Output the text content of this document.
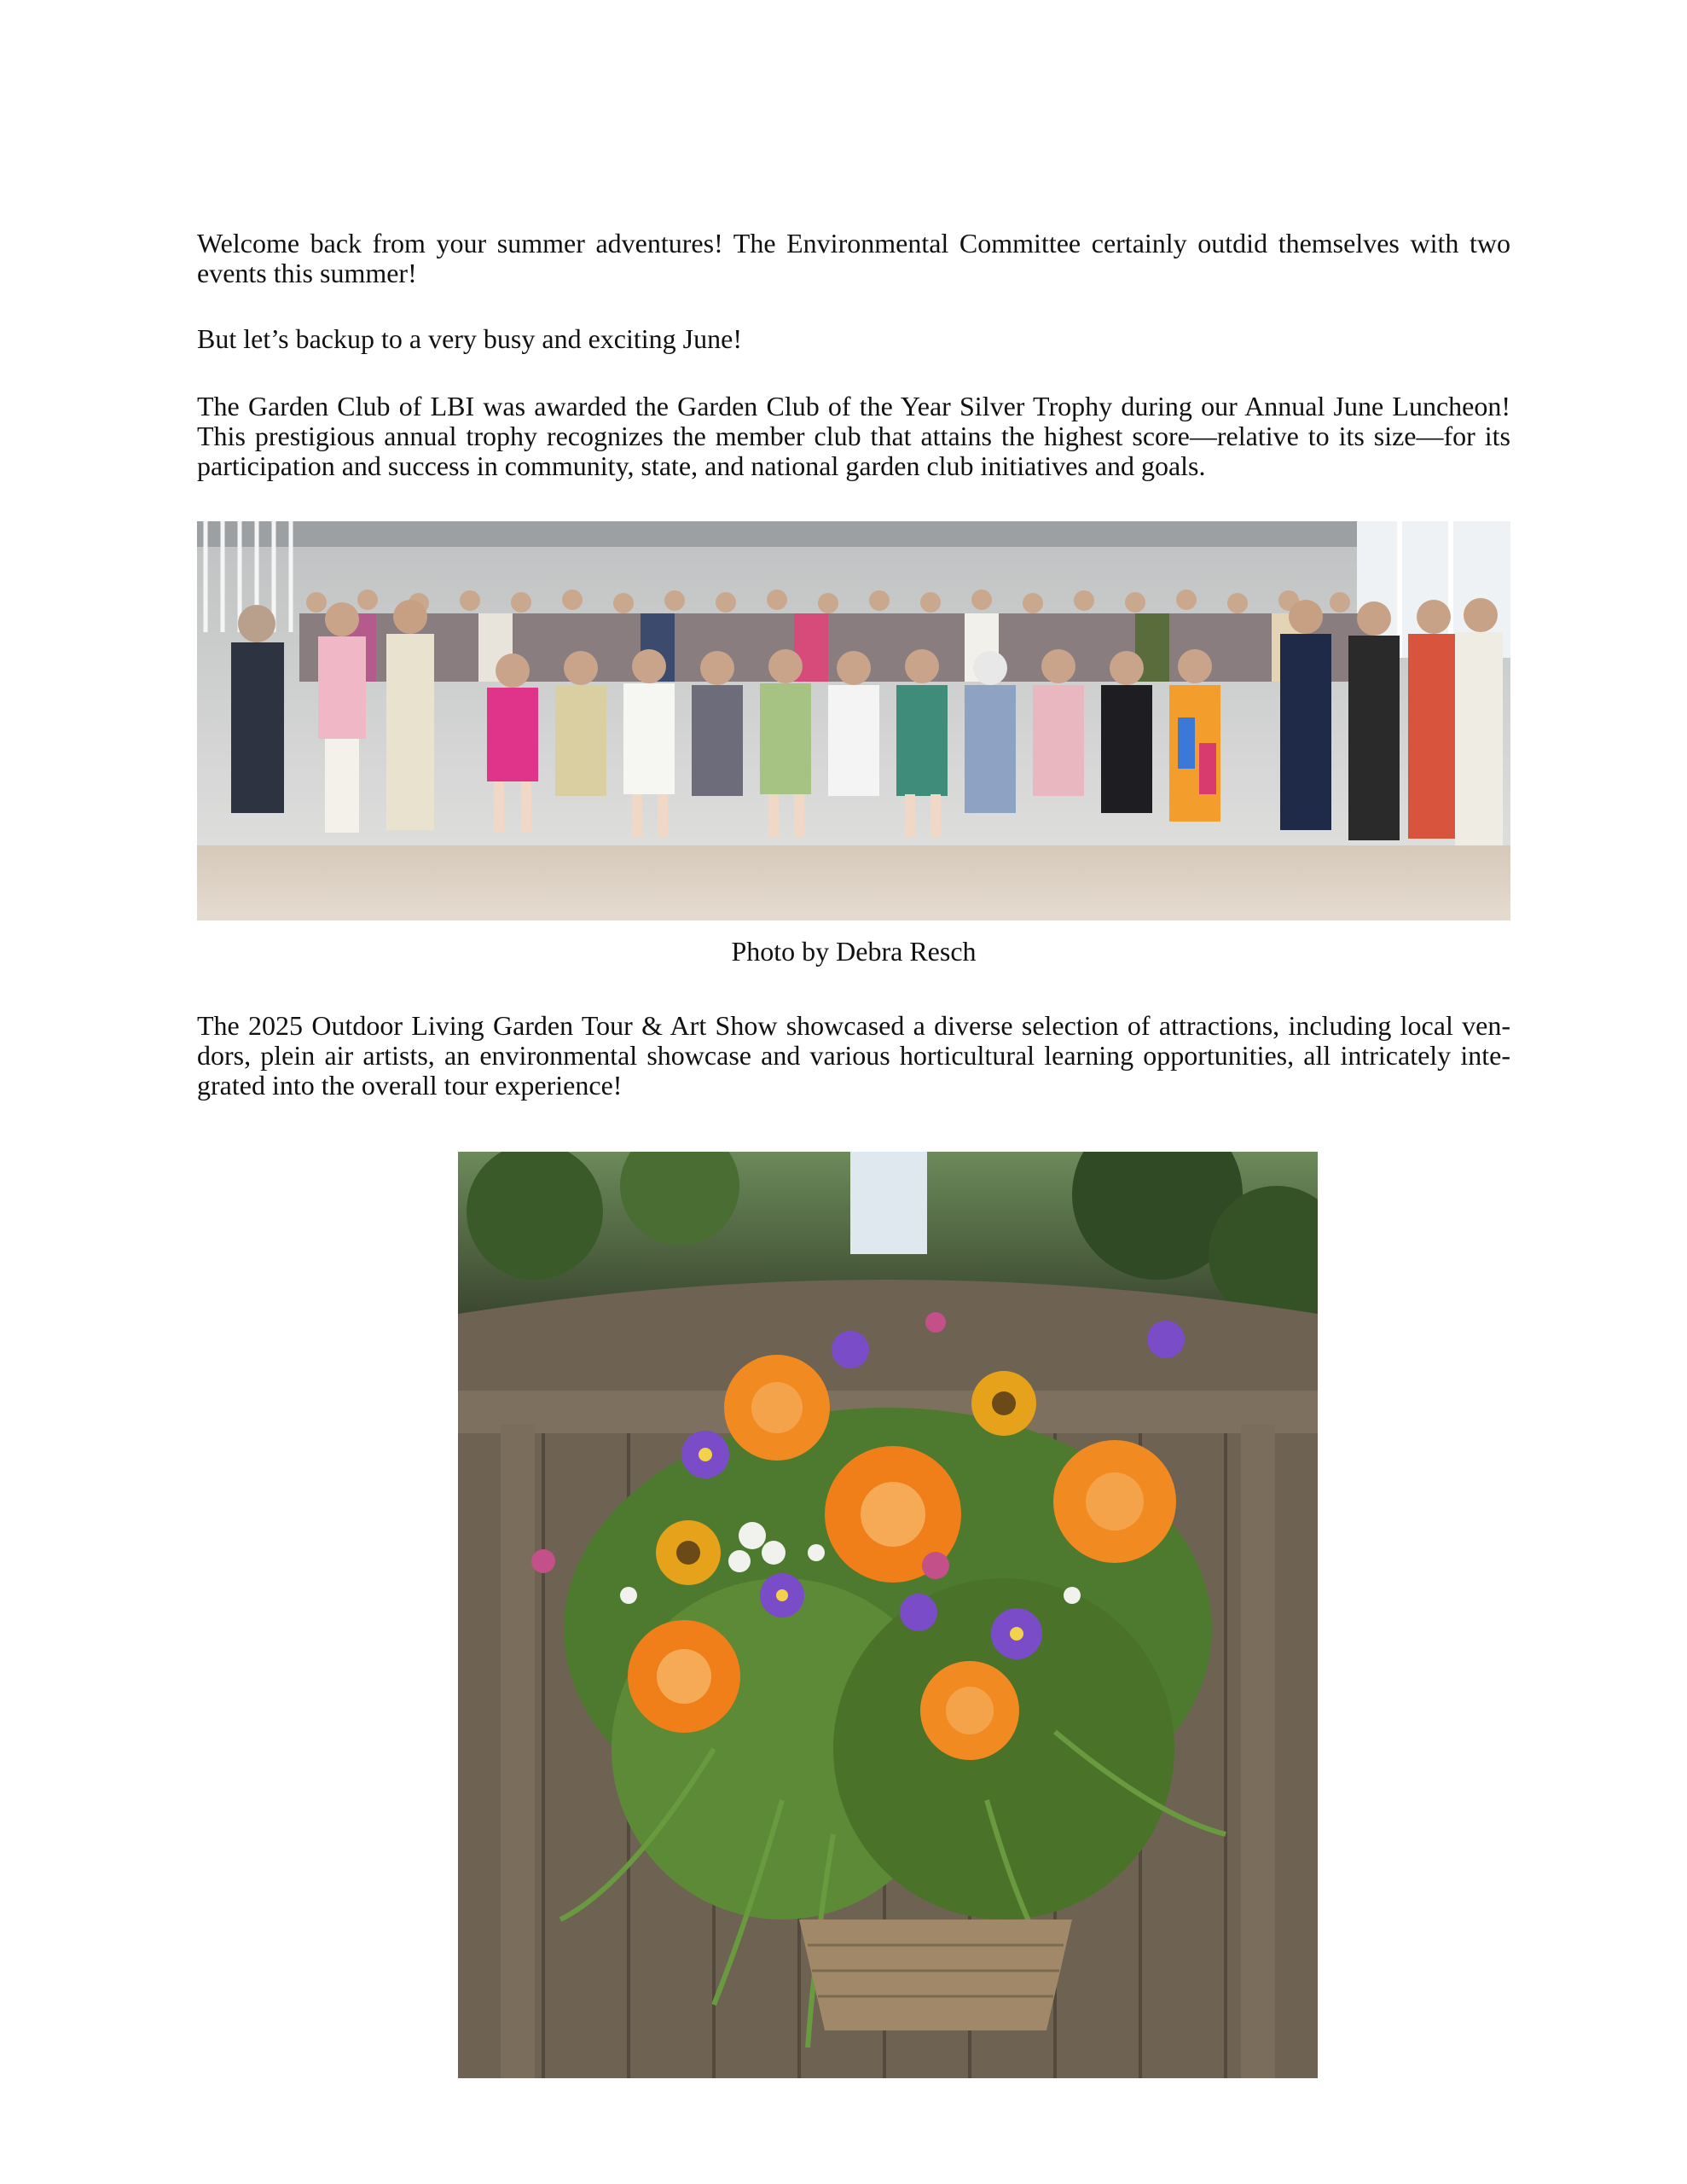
Welcome back from your summer adventures! The Environmental Committee certainly outdid themselves with two
events this summer!

But let’s backup to a very busy and exciting June!

The Garden Club of LBI was awarded the Garden Club of the Year Silver Trophy during our Annual June Luncheon!
This prestigious annual trophy recognizes the member club that attains the highest score—relative to its size—for its
participation and success in community, state, and national garden club initiatives and goals.

Photo by Debra Resch

The 2025 Outdoor Living Garden Tour & Art Show showcased a diverse selection of attractions, including local ven-
dors, plein air artists, an environmental showcase and various horticultural learning opportunities, all intricately inte-
grated into the overall tour experience!
